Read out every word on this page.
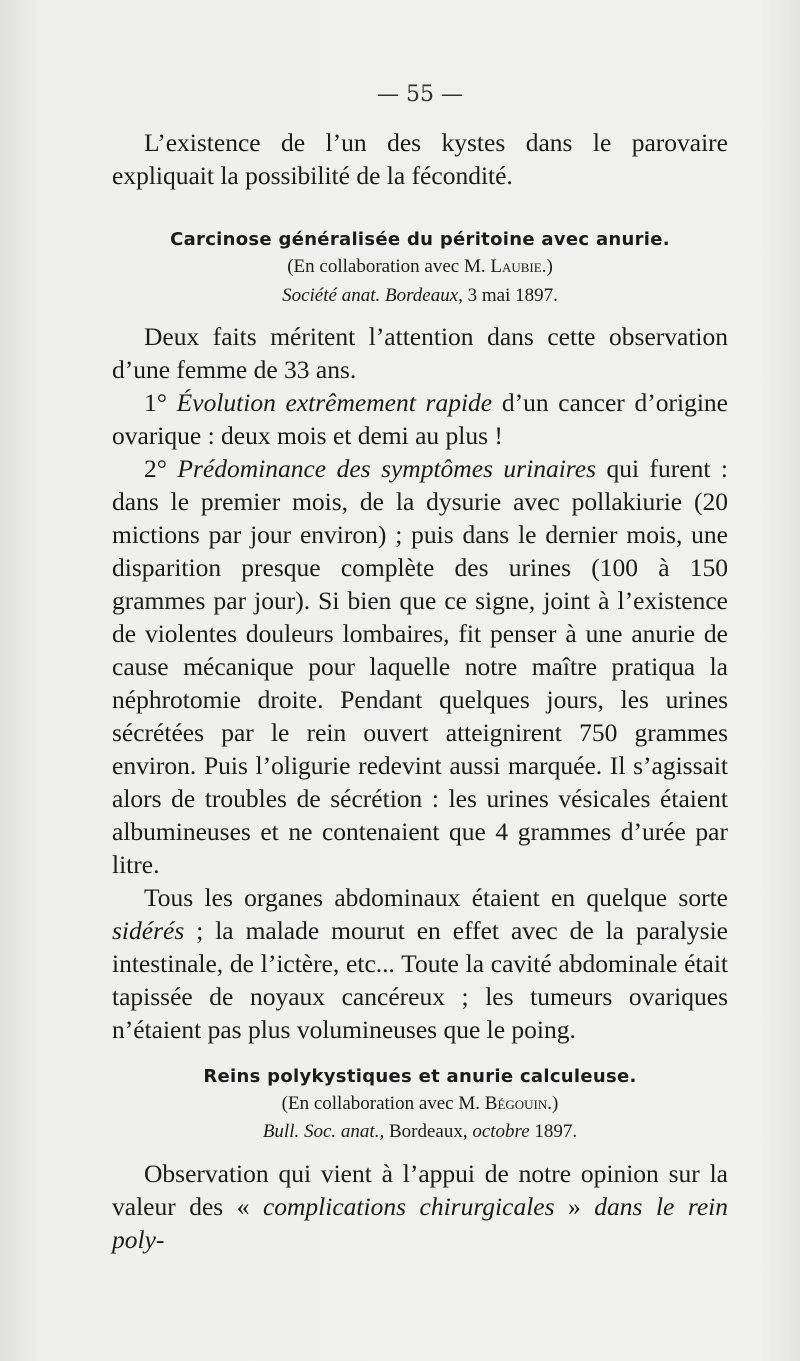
— 55 —

L’existence de l’un des kystes dans le parovaire expliquait la possibilité de la fécondité.

Carcinose généralisée du péritoine avec anurie.
(En collaboration avec M. Laubie.)
Société anat. Bordeaux, 3 mai 1897.

Deux faits méritent l’attention dans cette observation d’une femme de 33 ans.

1° Évolution extrêmement rapide d’un cancer d’origine ovarique : deux mois et demi au plus !

2° Prédominance des symptômes urinaires qui furent : dans le premier mois, de la dysurie avec pollakiurie (20 mictions par jour environ) ; puis dans le dernier mois, une disparition presque complète des urines (100 à 150 grammes par jour). Si bien que ce signe, joint à l’existence de violentes douleurs lombaires, fit penser à une anurie de cause mécanique pour laquelle notre maître pratiqua la néphrotomie droite. Pendant quelques jours, les urines sécrétées par le rein ouvert atteignirent 750 grammes environ. Puis l’oligurie redevint aussi marquée. Il s’agissait alors de troubles de sécrétion : les urines vésicales étaient albumineuses et ne contenaient que 4 grammes d’urée par litre.

Tous les organes abdominaux étaient en quelque sorte sidérés ; la malade mourut en effet avec de la paralysie intestinale, de l’ictère, etc... Toute la cavité abdominale était tapissée de noyaux cancéreux ; les tumeurs ovariques n’étaient pas plus volumineuses que le poing.

Reins polykystiques et anurie calculeuse.
(En collaboration avec M. Bégouin.)
Bull. Soc. anat., Bordeaux, octobre 1897.

Observation qui vient à l’appui de notre opinion sur la valeur des « complications chirurgicales » dans le rein poly-
